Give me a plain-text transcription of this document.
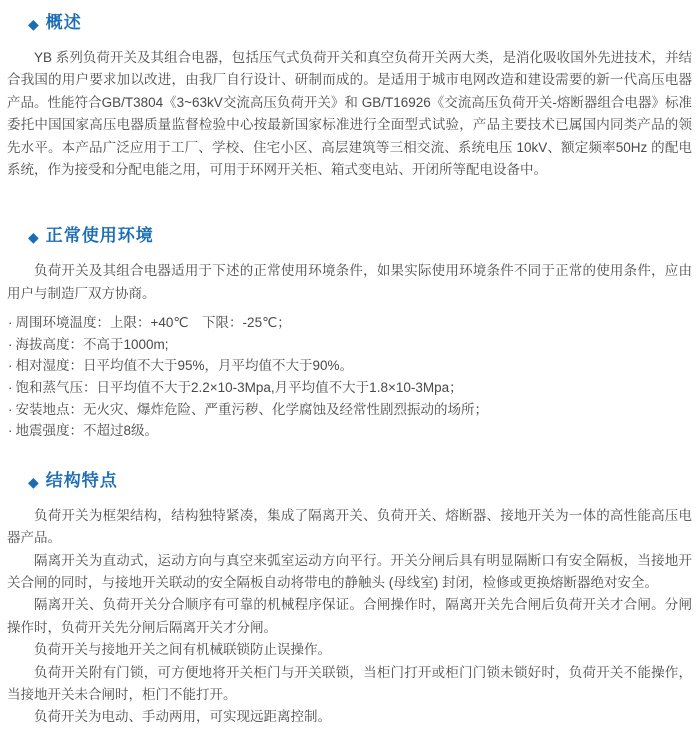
◆ 概述

YB 系列负荷开关及其组合电器，包括压气式负荷开关和真空负荷开关两大类，是消化吸收国外先进技术，并结合我国的用户要求加以改进，由我厂自行设计、研制而成的。是适用于城市电网改造和建设需要的新一代高压电器产品。性能符合GB/T3804《3~63kV交流高压负荷开关》和 GB/T16926《交流高压负荷开关-熔断器组合电器》标准委托中国国家高压电器质量监督检验中心按最新国家标准进行全面型式试验，产品主要技术已属国内同类产品的领先水平。本产品广泛应用于工厂、学校、住宅小区、高层建筑等三相交流、系统电压 10kV、额定频率50Hz 的配电系统，作为接受和分配电能之用，可用于环网开关柜、箱式变电站、开闭所等配电设备中。

◆ 正常使用环境

负荷开关及其组合电器适用于下述的正常使用环境条件，如果实际使用环境条件不同于正常的使用条件，应由用户与制造厂双方协商。

· 周围环境温度：上限：+40℃　下限：-25℃；
· 海拔高度：不高于1000m;
· 相对湿度：日平均值不大于95%，月平均值不大于90%。
· 饱和蒸气压：日平均值不大于2.2×10-3Mpa,月平均值不大于1.8×10-3Mpa；
· 安装地点：无火灾、爆炸危险、严重污秽、化学腐蚀及经常性剧烈振动的场所；
· 地震强度：不超过8级。
◆ 结构特点

负荷开关为框架结构，结构独特紧凑，集成了隔离开关、负荷开关、熔断器、接地开关为一体的高性能高压电器产品。

隔离开关为直动式，运动方向与真空来弧室运动方向平行。开关分闸后具有明显隔断口有安全隔板，当接地开关合闸的同时，与接地开关联动的安全隔板自动将带电的静触头 (母线室) 封闭，检修或更换熔断器绝对安全。

隔离开关、负荷开关分合顺序有可靠的机械程序保证。合闸操作时，隔离开关先合闸后负荷开关才合闸。分闸操作时，负荷开关先分闸后隔离开关才分闸。

负荷开关与接地开关之间有机械联锁防止误操作。

负荷开关附有门锁，可方便地将开关柜门与开关联锁，当柜门打开或柜门门锁未锁好时，负荷开关不能操作，当接地开关未合闸时，柜门不能打开。

负荷开关为电动、手动两用，可实现远距离控制。
